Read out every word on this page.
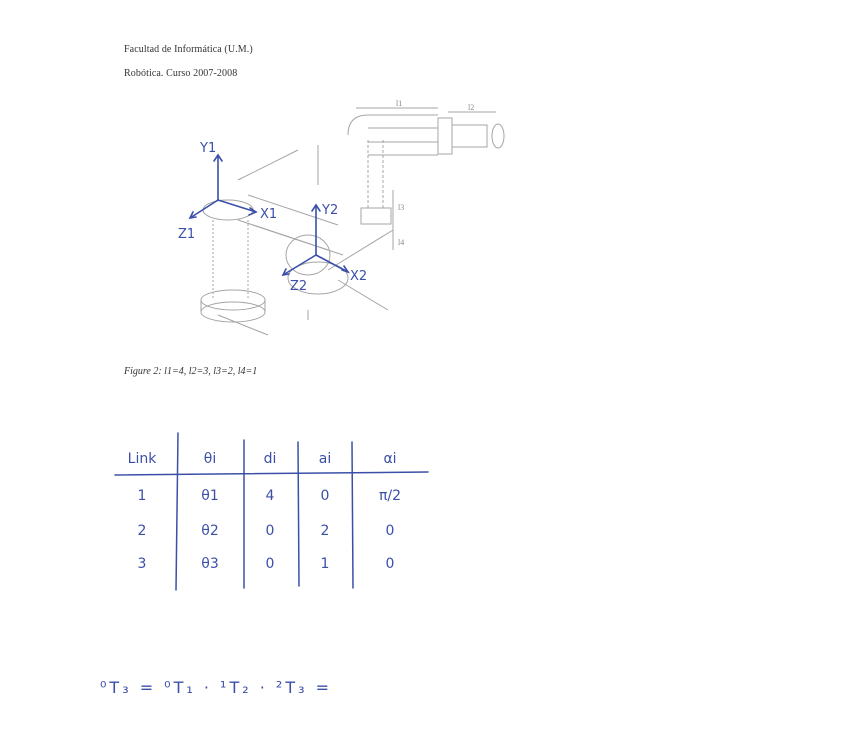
Facultad de Informática (U.M.)
Robótica. Curso 2007-2008
l1	l2
l3
l4
Y1
X1
Z1
Y2
X2
Z2
Figure 2: l1=4, l2=3, l3=2, l4=1
Link	θi	di	ai	αi
1	θ1	4	0	π/2
2	θ2	0	2	0
3	θ3	0	1	0
⁰T₃ = ⁰T₁ · ¹T₂ · ²T₃ =
